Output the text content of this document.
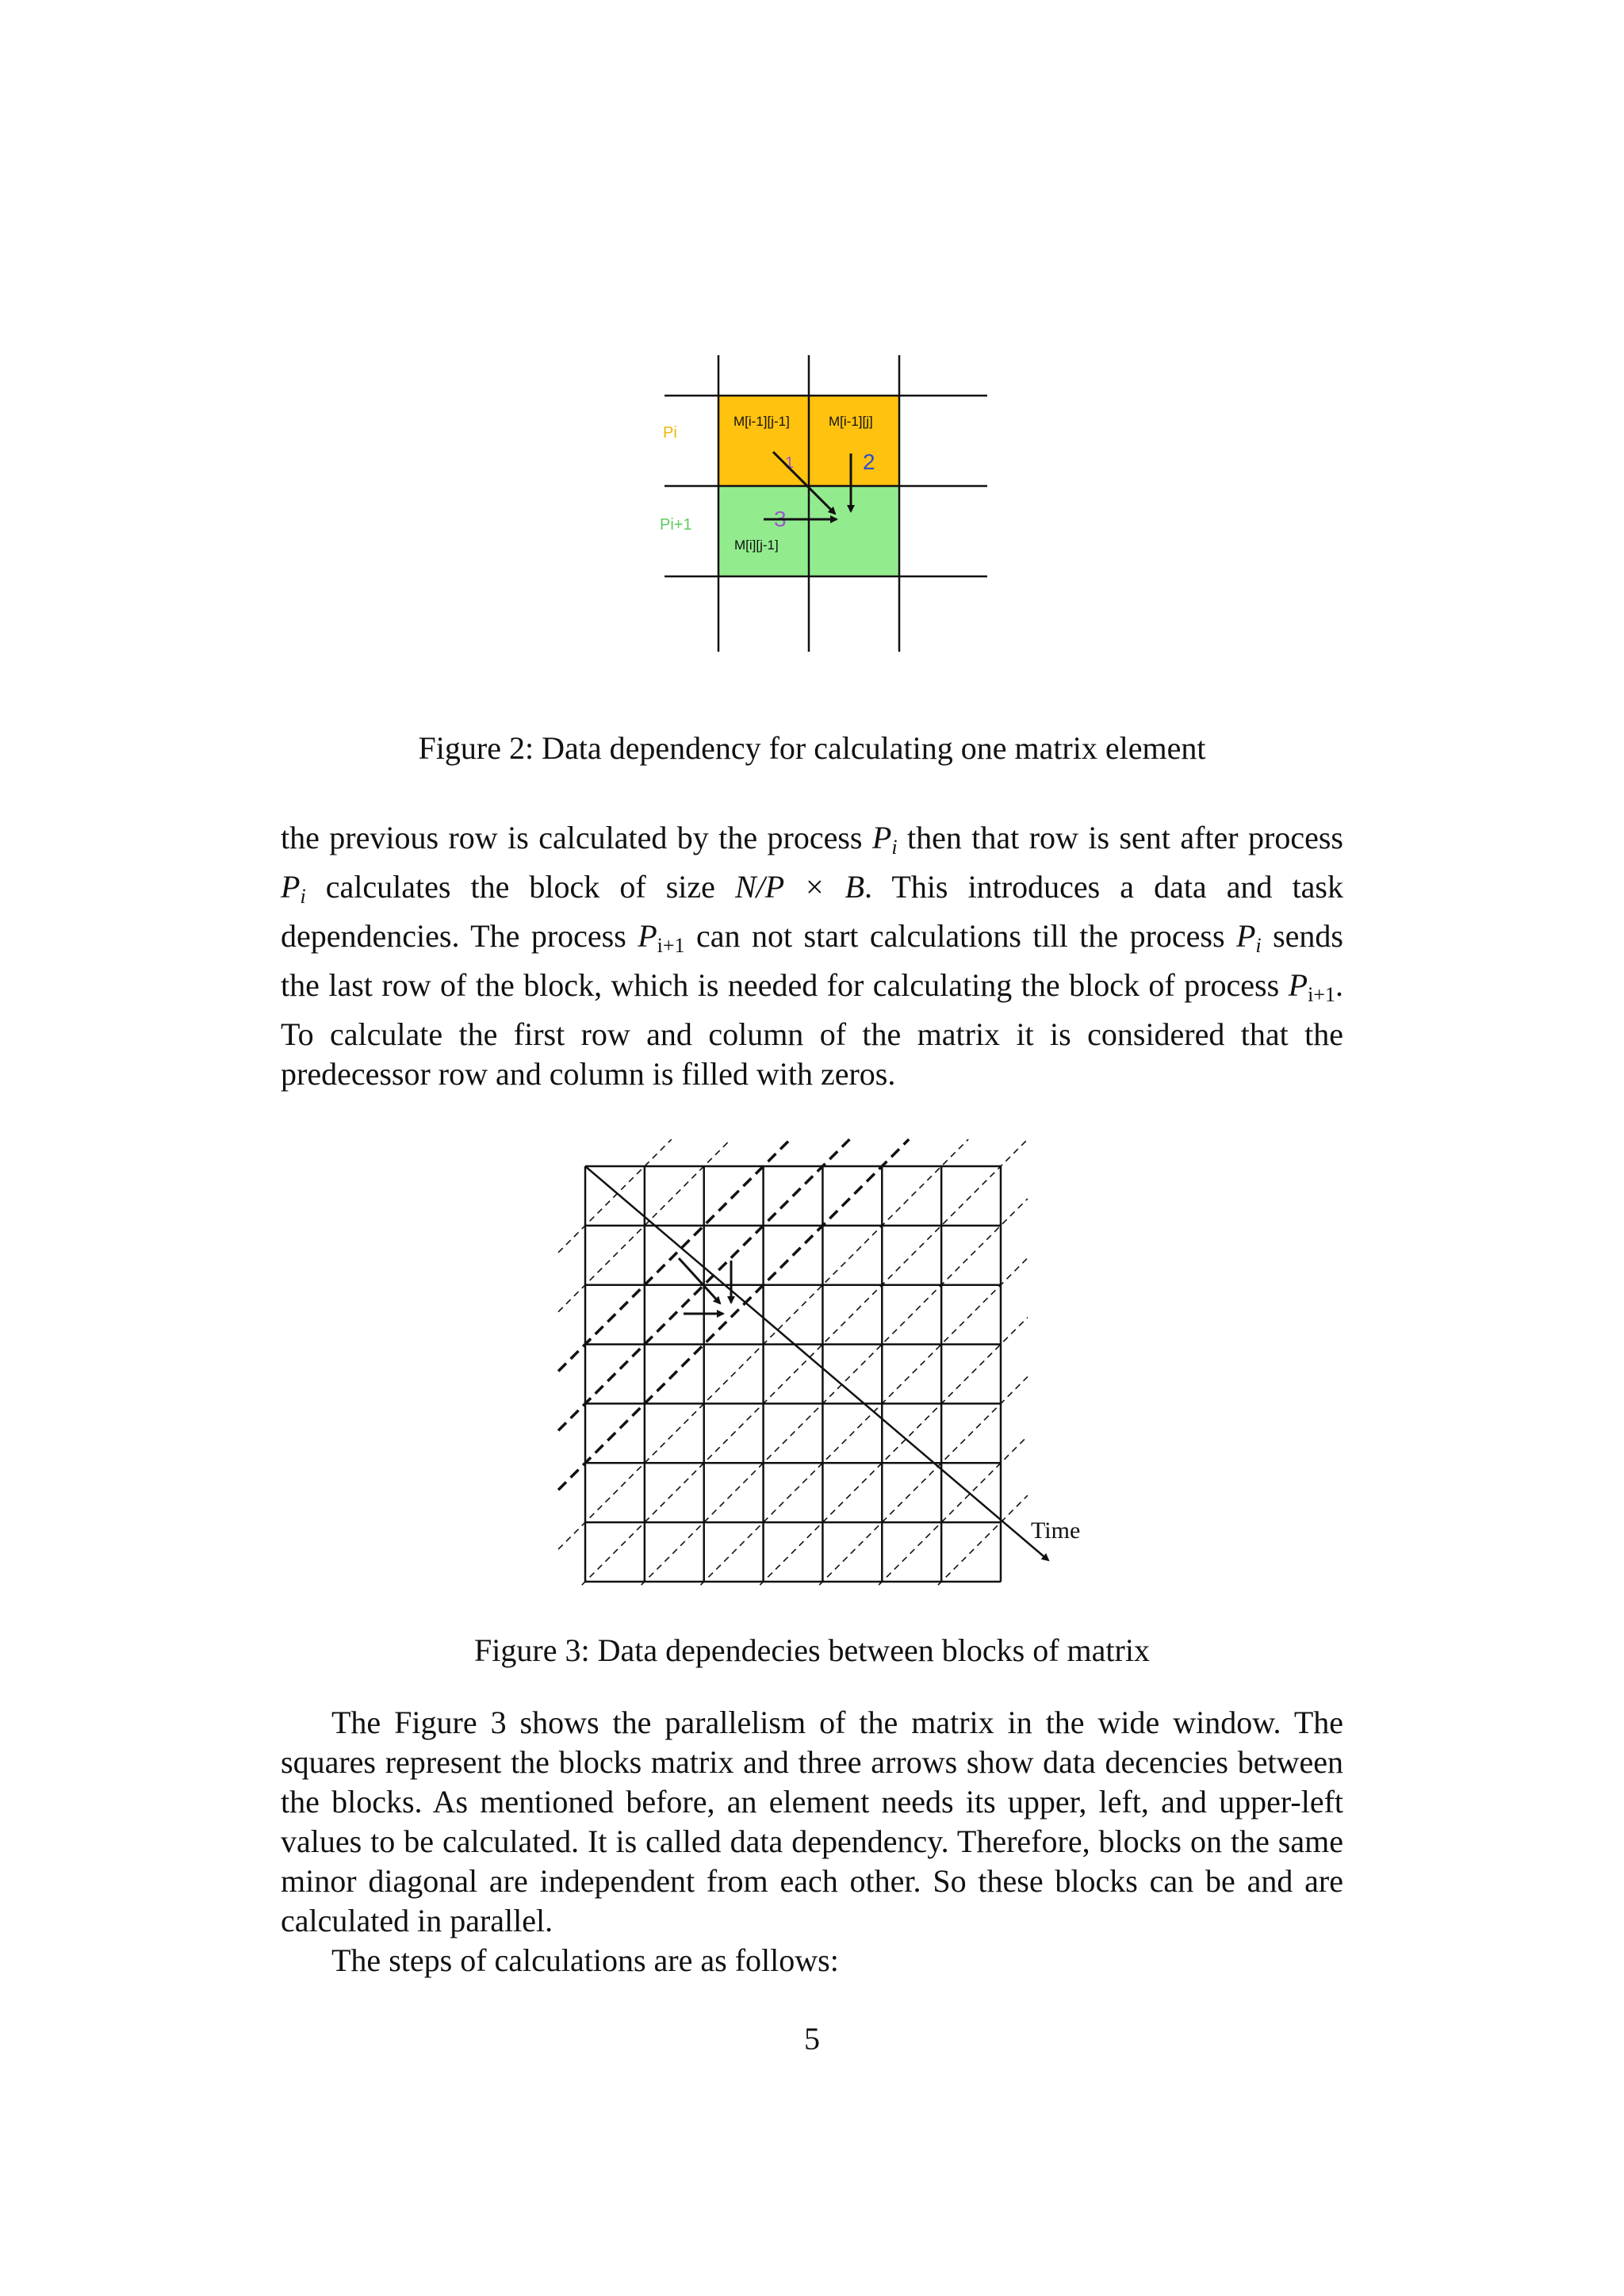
Pi
Pi+1
M[i-1][j-1]	M[i-1][j]
M[i][j-1]
1	2
3
Figure 2: Data dependency for calculating one matrix element

the previous row is calculated by the process $P_i$ then that row is sent after process $P_i$ calculates the block of size N/P × B. This introduces a data and task dependencies. The process $P_{i+1}$ can not start calculations till the process $P_i$ sends the last row of the block, which is needed for calculating the block of process $P_{i+1}$. To calculate the first row and column of the matrix it is considered that the predecessor row and column is filled with zeros.

Time
Figure 3: Data dependecies between blocks of matrix

The Figure 3 shows the parallelism of the matrix in the wide window. The squares represent the blocks matrix and three arrows show data decencies between the blocks. As mentioned before, an element needs its upper, left, and upper-left values to be calculated. It is called data dependency. Therefore, blocks on the same minor diagonal are independent from each other. So these blocks can be and are calculated in parallel.

The steps of calculations are as follows:

5
